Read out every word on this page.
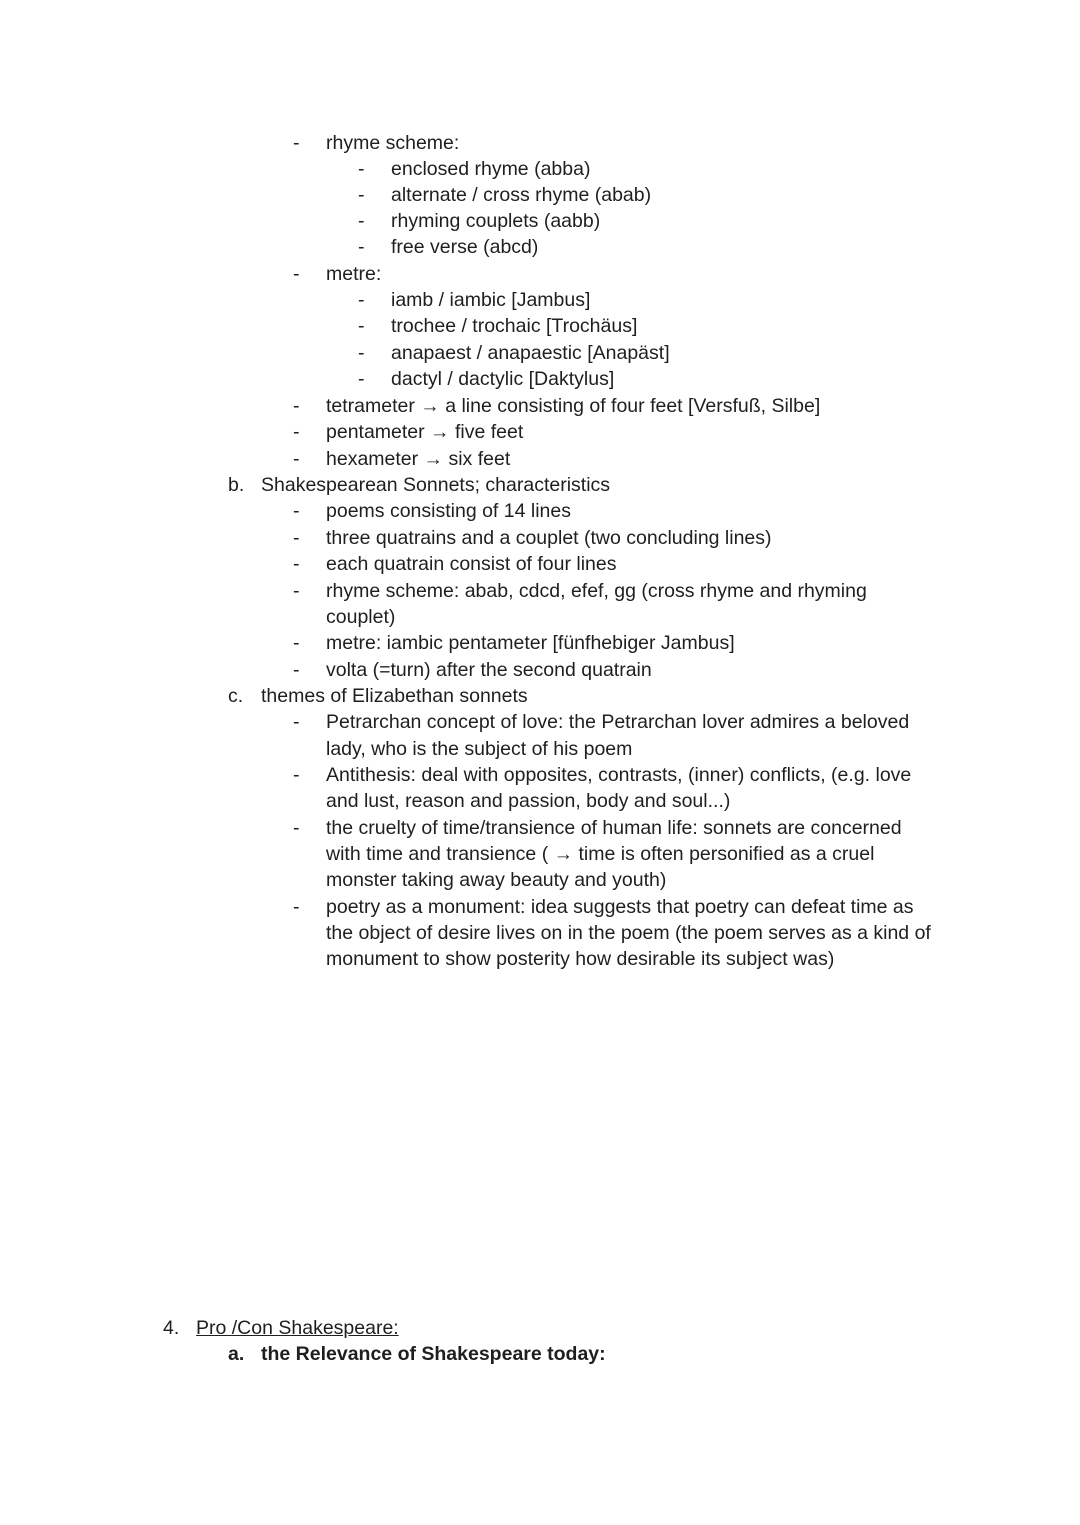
- rhyme scheme:
- enclosed rhyme (abba)
- alternate / cross rhyme (abab)
- rhyming couplets (aabb)
- free verse (abcd)
- metre:
- iamb / iambic [Jambus]
- trochee / trochaic [Trochäus]
- anapaest / anapaestic [Anapäst]
- dactyl / dactylic [Daktylus]
- tetrameter → a line consisting of four feet [Versfuß, Silbe]
- pentameter → five feet
- hexameter → six feet
b. Shakespearean Sonnets; characteristics
- poems consisting of 14 lines
- three quatrains and a couplet (two concluding lines)
- each quatrain consist of four lines
- rhyme scheme: abab, cdcd, efef, gg (cross rhyme and rhyming
couplet)
- metre: iambic pentameter [fünfhebiger Jambus]
- volta (=turn) after the second quatrain
c. themes of Elizabethan sonnets
- Petrarchan concept of love: the Petrarchan lover admires a beloved
lady, who is the subject of his poem
- Antithesis: deal with opposites, contrasts, (inner) conflicts, (e.g. love
and lust, reason and passion, body and soul...)
- the cruelty of time/transience of human life: sonnets are concerned
with time and transience ( → time is often personified as a cruel
monster taking away beauty and youth)
- poetry as a monument: idea suggests that poetry can defeat time as
the object of desire lives on in the poem (the poem serves as a kind of
monument to show posterity how desirable its subject was)
4. Pro /Con Shakespeare:
a. the Relevance of Shakespeare today:
